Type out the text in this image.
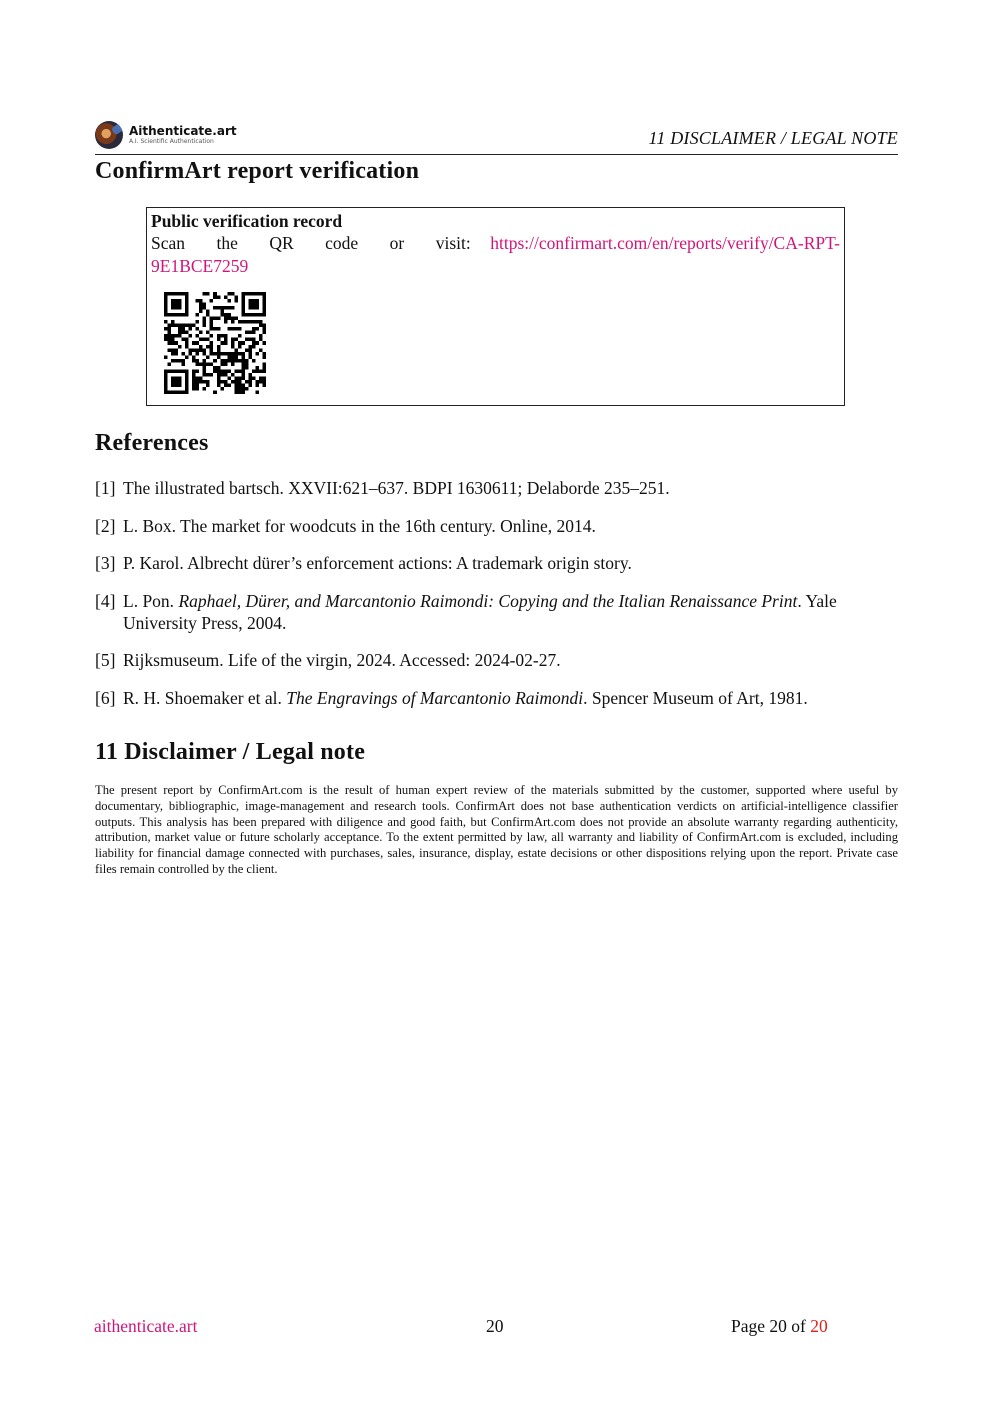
Aithenticate.art
A.I. Scientific Authentication	11 DISCLAIMER / LEGAL NOTE
ConfirmArt report verification
Public verification record
Scan the QR code or visit: https://confirmart.com/en/reports/verify/CA-RPT-9E1BCE7259
References
[1] The illustrated bartsch. XXVII:621–637. BDPI 1630611; Delaborde 235–251.
[2] L. Box. The market for woodcuts in the 16th century. Online, 2014.
[3] P. Karol. Albrecht dürer’s enforcement actions: A trademark origin story.
[4] L. Pon. Raphael, Dürer, and Marcantonio Raimondi: Copying and the Italian Renaissance Print. Yale University Press, 2004.
[5] Rijksmuseum. Life of the virgin, 2024. Accessed: 2024-02-27.
[6] R. H. Shoemaker et al. The Engravings of Marcantonio Raimondi. Spencer Museum of Art, 1981.
11 Disclaimer / Legal note

The present report by ConfirmArt.com is the result of human expert review of the materials submitted by the customer, supported where useful by documentary, bibliographic, image-management and research tools. ConfirmArt does not base authentication verdicts on artificial-intelligence classifier outputs. This analysis has been prepared with diligence and good faith, but ConfirmArt.com does not provide an absolute warranty regarding authenticity, attribution, market value or future scholarly acceptance. To the extent permitted by law, all warranty and liability of ConfirmArt.com is excluded, including liability for financial damage connected with purchases, sales, insurance, display, estate decisions or other dispositions relying upon the report. Private case files remain controlled by the client.

aithenticate.art	20	Page 20 of 20
